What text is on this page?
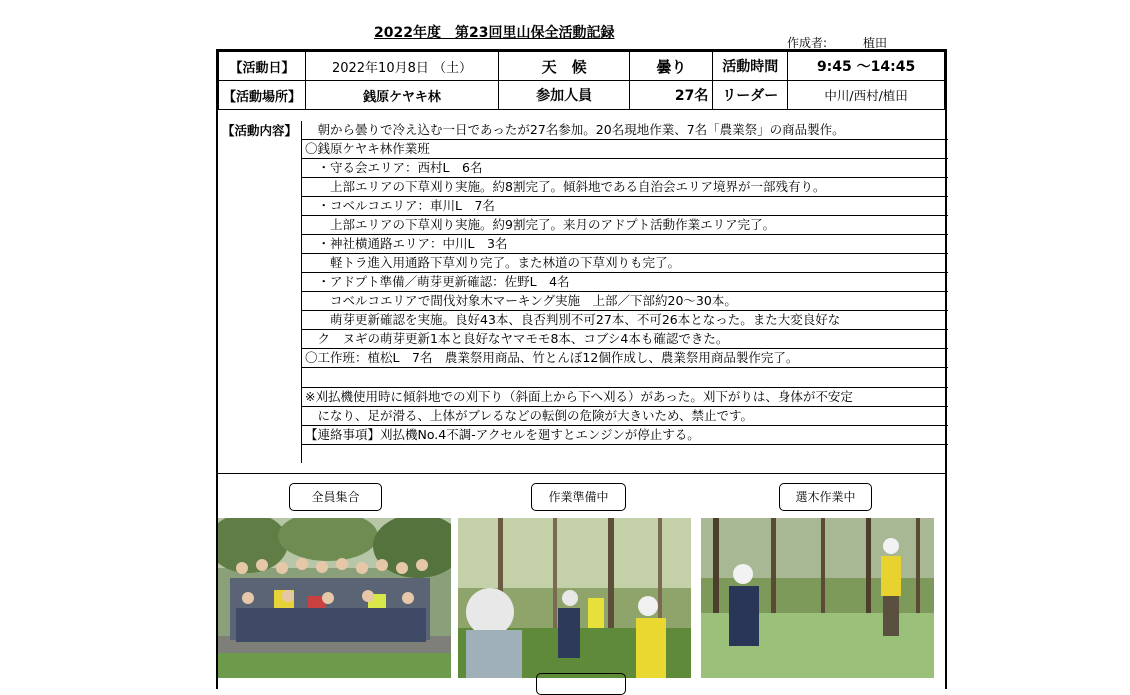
2022年度　第23回里山保全活動記録
作成者:	植田
【活動日】	2022年10月8日 （土）	天　候	曇り	活動時間	9:45 〜14:45
【活動場所】	銭原ケヤキ林	参加人員	27名	リーダー	中川/西村/植田
【活動内容】 　朝から曇りで冷え込む一日であったが27名参加。20名現地作業、7名「農業祭」の商品製作。
〇銭原ケヤキ林作業班
　・守る会エリア：西村L　6名
　　上部エリアの下草刈り実施。約8割完了。傾斜地である自治会エリア境界が一部残有り。
　・コベルコエリア：車川L　7名
　　上部エリアの下草刈り実施。約9割完了。来月のアドプト活動作業エリア完了。
　・神社横通路エリア：中川L　3名
　　軽トラ進入用通路下草刈り完了。また林道の下草刈りも完了。
　・アドプト準備／萌芽更新確認：佐野L　4名
　　コベルコエリアで間伐対象木マーキング実施　上部／下部約20〜30本。
　　萌芽更新確認を実施。良好43本、良否判別不可27本、不可26本となった。また大変良好な
　ク　ヌギの萌芽更新1本と良好なヤマモモ8本、コブシ4本も確認できた。
〇工作班：植松L　7名　農業祭用商品、竹とんぼ12個作成し、農業祭用商品製作完了。
※刈払機使用時に傾斜地での刈下り（斜面上から下へ刈る）があった。刈下がりは、身体が不安定
　になり、足が滑る、上体がブレるなどの転倒の危険が大きいため、禁止です。
【連絡事項】刈払機No.4不調-アクセルを廻すとエンジンが停止する。
全員集合	作業準備中	選木作業中
